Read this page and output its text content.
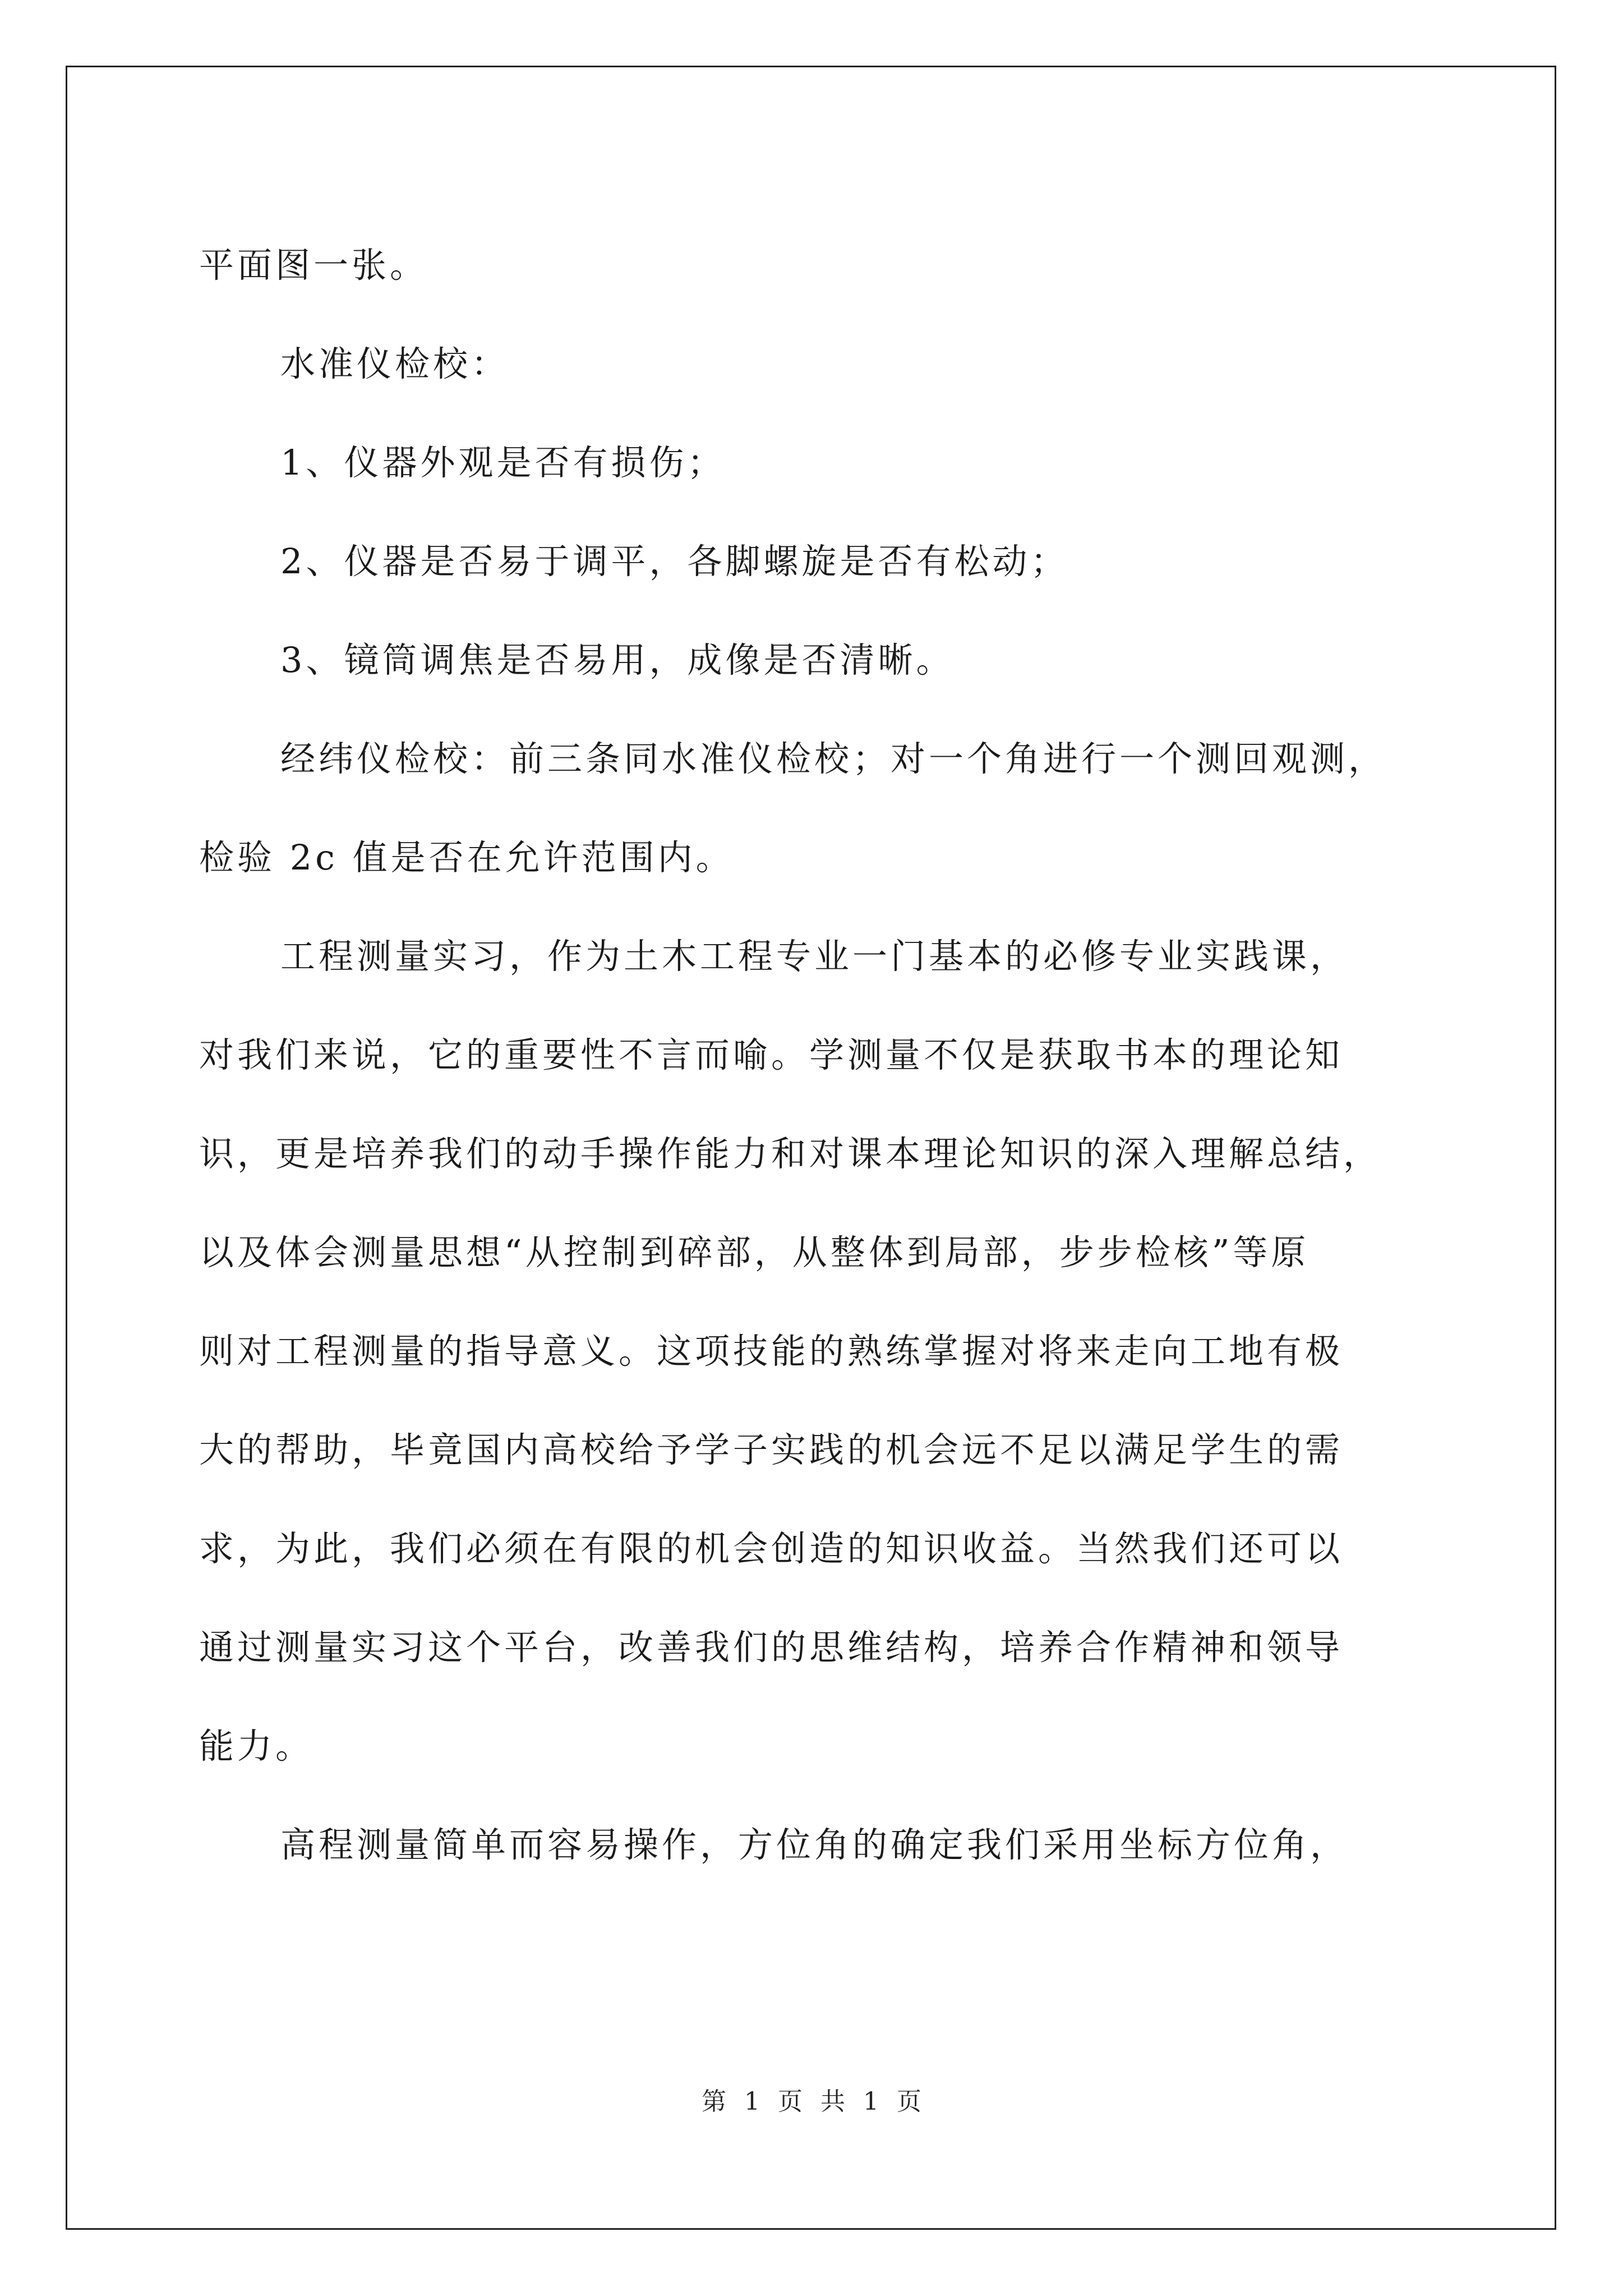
平面图一张。
水准仪检校：
1、仪器外观是否有损伤；
2、仪器是否易于调平，各脚螺旋是否有松动；
3、镜筒调焦是否易用，成像是否清晰。
经纬仪检校：前三条同水准仪检校；对一个角进行一个测回观测，
检验 2c 值是否在允许范围内。
工程测量实习，作为土木工程专业一门基本的必修专业实践课，
对我们来说，它的重要性不言而喻。学测量不仅是获取书本的理论知
识，更是培养我们的动手操作能力和对课本理论知识的深入理解总结，
以及体会测量思想“从控制到碎部，从整体到局部，步步检核”等原
则对工程测量的指导意义。这项技能的熟练掌握对将来走向工地有极
大的帮助，毕竟国内高校给予学子实践的机会远不足以满足学生的需
求，为此，我们必须在有限的机会创造的知识收益。当然我们还可以
通过测量实习这个平台，改善我们的思维结构，培养合作精神和领导
能力。
高程测量简单而容易操作，方位角的确定我们采用坐标方位角，
第 1 页 共 1 页
